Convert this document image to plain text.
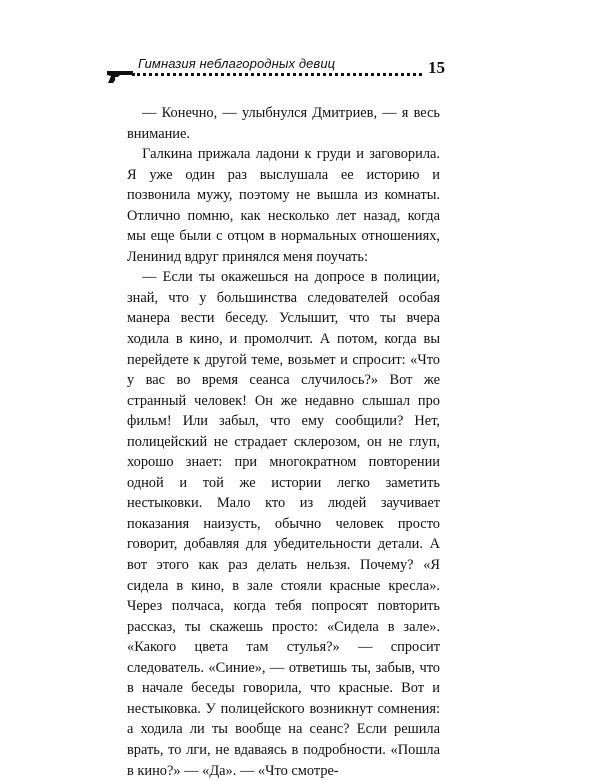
Гимназия неблагородных девиц	15

— Конечно, — улыбнулся Дмитриев, — я весь внимание.

Галкина прижала ладони к груди и заговорила. Я уже один раз выслушала ее историю и позвонила мужу, поэтому не вышла из комнаты. Отлично помню, как несколько лет назад, когда мы еще были с отцом в нормальных отношениях, Ленинид вдруг принялся меня поучать:

— Если ты окажешься на допросе в полиции, знай, что у большинства следователей особая манера вести беседу. Услышит, что ты вчера ходила в кино, и промолчит. А потом, когда вы перейдете к другой теме, возьмет и спросит: «Что у вас во время сеанса случилось?» Вот же странный человек! Он же недавно слышал про фильм! Или забыл, что ему сообщили? Нет, полицейский не страдает склерозом, он не глуп, хорошо знает: при многократном повторении одной и той же истории легко заметить нестыковки. Мало кто из людей заучивает показания наизусть, обычно человек просто говорит, добавляя для убедительности детали. А вот этого как раз делать нельзя. Почему? «Я сидела в кино, в зале стояли красные кресла». Через полчаса, когда тебя попросят повторить рассказ, ты скажешь просто: «Сидела в зале». «Какого цвета там стулья?» — спросит следователь. «Синие», — ответишь ты, забыв, что в начале беседы говорила, что красные. Вот и нестыковка. У полицейского возникнут сомнения: а ходила ли ты вообще на сеанс? Если решила врать, то лги, не вдаваясь в подробности. «Пошла в кино?» — «Да». — «Что смотре-
